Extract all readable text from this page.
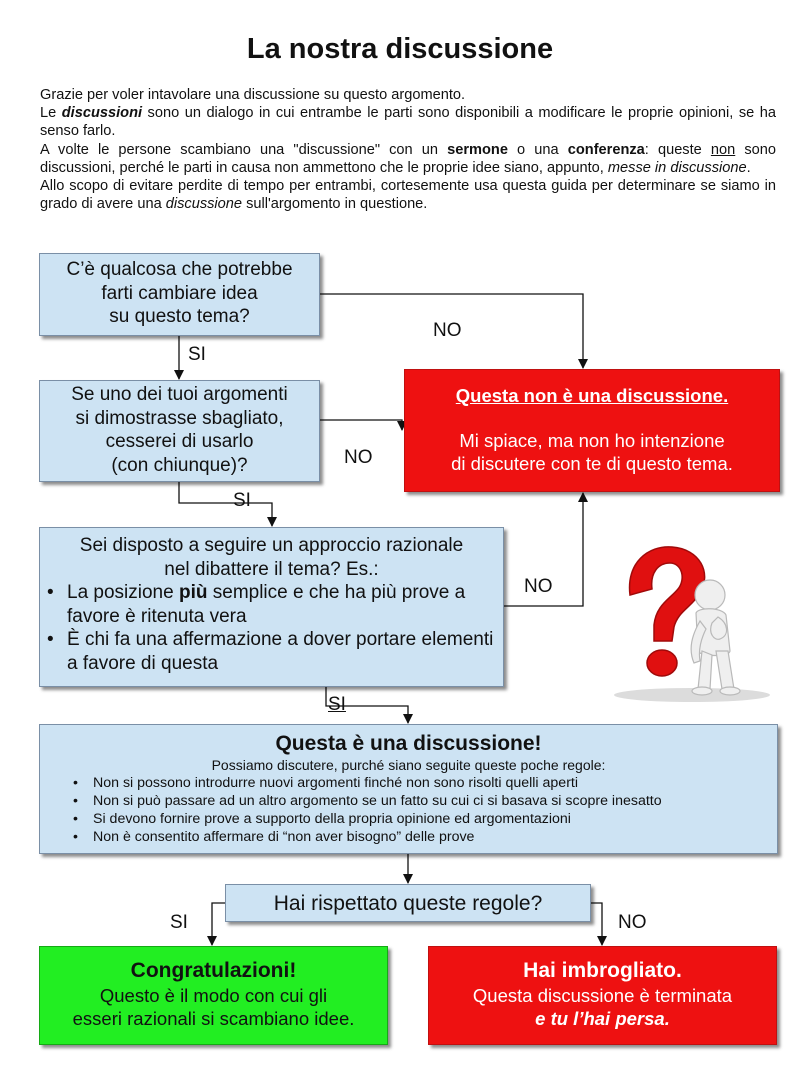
La nostra discussione

Grazie per voler intavolare una discussione su questo argomento.

Le discussioni sono un dialogo in cui entrambe le parti sono disponibili a modificare le proprie opinioni, se ha senso farlo.

A volte le persone scambiano una "discussione" con un sermone o una conferenza: queste non sono discussioni, perché le parti in causa non ammettono che le proprie idee siano, appunto, messe in discussione.

Allo scopo di evitare perdite di tempo per entrambi, cortesemente usa questa guida per determinare se siamo in grado di avere una discussione sull'argomento in questione.

C’è qualcosa che potrebbe
farti cambiare idea
su questo tema?
Se uno dei tuoi argomenti
si dimostrasse sbagliato,
cesserei di usarlo
(con chiunque)?
Sei disposto a seguire un approccio razionale
nel dibattere il tema? Es.:
• La posizione più semplice e che ha più prove a favore è ritenuta vera
• È chi fa una affermazione a dover portare elementi a favore di questa
Questa non è una discussione.
Mi spiace, ma non ho intenzione
di discutere con te di questo tema.
Questa è una discussione!
Possiamo discutere, purché siano seguite queste poche regole:
• Non si possono introdurre nuovi argomenti finché non sono risolti quelli aperti
• Non si può passare ad un altro argomento se un fatto su cui ci si basava si scopre inesatto
• Si devono fornire prove a supporto della propria opinione ed argomentazioni
• Non è consentito affermare di “non aver bisogno” delle prove
Hai rispettato queste regole?
Congratulazioni!
Questo è il modo con cui gli
esseri razionali si scambiano idee.
Hai imbrogliato.
Questa discussione è terminata
e tu l’hai persa.
SI
NO
NO
SI
NO
SI
SI	NO
